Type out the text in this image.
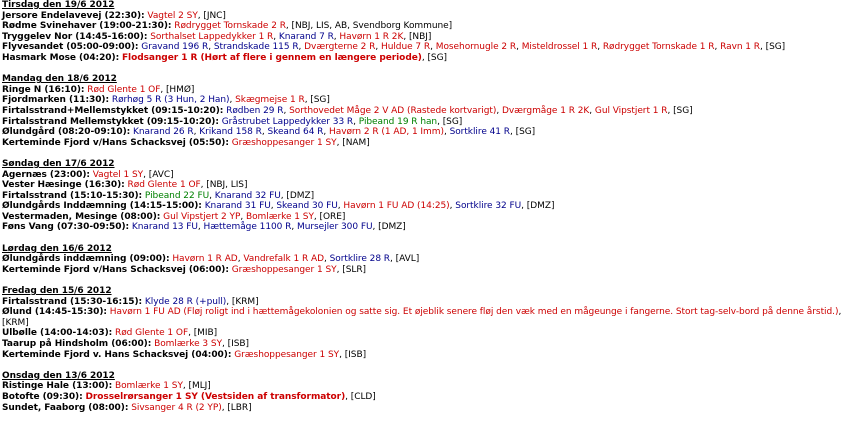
Tirsdag den 19/6 2012
Jersore Endelavevej (22:30): Vagtel 2 SY, [JNC]
Rødme Svinehaver (19:00-21:30): Rødrygget Tornskade 2 R, [NBJ, LIS, AB, Svendborg Kommune]
Tryggelev Nor (14:45-16:00): Sorthalset Lappedykker 1 R, Knarand 7 R, Havørn 1 R 2K, [NBJ]
Flyvesandet (05:00-09:00): Gravand 196 R, Strandskade 115 R, Dværgterne 2 R, Huldue 7 R, Mosehornugle 2 R, Misteldrossel 1 R, Rødrygget Tornskade 1 R, Ravn 1 R, [SG]
Hasmark Mose (04:20): Flodsanger 1 R (Hørt af flere i gennem en længere periode), [SG]
Mandag den 18/6 2012
Ringe N (16:10): Rød Glente 1 OF, [HMØ]
Fjordmarken (11:30): Rørhøg 5 R (3 Hun, 2 Han), Skægmejse 1 R, [SG]
Firtalsstrand+Mellemstykket (09:15-10:20): Rødben 29 R, Sorthovedet Måge 2 V AD (Rastede kortvarigt), Dværgmåge 1 R 2K, Gul Vipstjert 1 R, [SG]
Firtalsstrand Mellemstykket (09:15-10:20): Gråstrubet Lappedykker 33 R, Pibeand 19 R han, [SG]
Ølundgård (08:20-09:10): Knarand 26 R, Krikand 158 R, Skeand 64 R, Havørn 2 R (1 AD, 1 Imm), Sortklire 41 R, [SG]
Kerteminde Fjord v/Hans Schacksvej (05:50): Græshoppesanger 1 SY, [NAM]
Søndag den 17/6 2012
Agernæs (23:00): Vagtel 1 SY, [AVC]
Vester Hæsinge (16:30): Rød Glente 1 OF, [NBJ, LIS]
Firtalsstrand (15:10-15:30): Pibeand 22 FU, Knarand 32 FU, [DMZ]
Ølundgårds Inddæmning (14:15-15:00): Knarand 31 FU, Skeand 30 FU, Havørn 1 FU AD (14:25), Sortklire 32 FU, [DMZ]
Vestermaden, Mesinge (08:00): Gul Vipstjert 2 YP, Bomlærke 1 SY, [ORE]
Føns Vang (07:30-09:50): Knarand 13 FU, Hættemåge 1100 R, Mursejler 300 FU, [DMZ]
Lørdag den 16/6 2012
Ølundgårds inddæmning (09:00): Havørn 1 R AD, Vandrefalk 1 R AD, Sortklire 28 R, [AVL]
Kerteminde Fjord v/Hans Schacksvej (06:00): Græshoppesanger 1 SY, [SLR]
Fredag den 15/6 2012
Firtalsstrand (15:30-16:15): Klyde 28 R (+pull), [KRM]
Ølund (14:45-15:30): Havørn 1 FU AD (Fløj roligt ind i hættemågekolonien og satte sig. Et øjeblik senere fløj den væk med en mågeunge i fangerne. Stort tag-selv-bord på denne årstid.), [KRM]
Ulbølle (14:00-14:03): Rød Glente 1 OF, [MIB]
Taarup på Hindsholm (06:00): Bomlærke 3 SY, [ISB]
Kerteminde Fjord v. Hans Schacksvej (04:00): Græshoppesanger 1 SY, [ISB]
Onsdag den 13/6 2012
Ristinge Hale (13:00): Bomlærke 1 SY, [MLJ]
Botofte (09:30): Drosselrørsanger 1 SY (Vestsiden af transformator), [CLD]
Sundet, Faaborg (08:00): Sivsanger 4 R (2 YP), [LBR]
